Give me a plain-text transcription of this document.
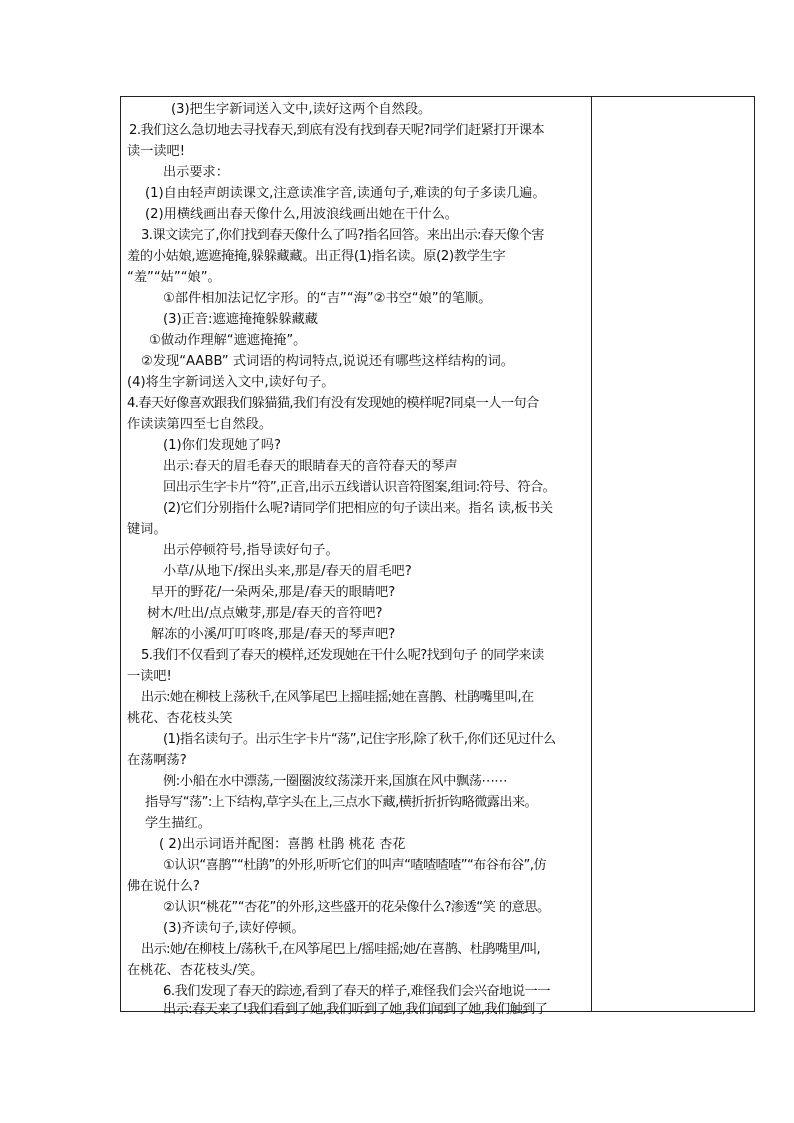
(3)把生字新词送入文中,读好这两个自然段。
2.我们这么急切地去寻找春天,到底有没有找到春天呢?同学们赶紧打开课本
读一读吧!
出示要求：
(1)自由轻声朗读课文,注意读准字音,读通句子,难读的句子多读几遍。
(2)用横线画出春天像什么,用波浪线画出她在干什么。
3.课文读完了,你们找到春天像什么了吗?指名回答。来出出示:春天像个害
羞的小姑娘,遮遮掩掩,躲躲藏藏。出正得(1)指名读。原(2)教学生字
“羞”“姑”“娘”。
①部件相加法记忆字形。的“吉”“海”②书空“娘”的笔顺。
(3)正音:遮遮掩掩躲躲藏藏
①做动作理解“遮遮掩掩”。
②发现“AABB” 式词语的构词特点,说说还有哪些这样结构的词。
(4)将生字新词送入文中,读好句子。
4.春天好像喜欢跟我们躲猫猫,我们有没有发现她的模样呢?同桌一人一句合
作读读第四至七自然段。
(1)你们发现她了吗?
出示:春天的眉毛春天的眼睛春天的音符春天的琴声
回出示生字卡片“符”,正音,出示五线谱认识音符图案,组词:符号、符合。
(2)它们分别指什么呢?请同学们把相应的句子读出来。指名 读,板书关
键词。
出示停顿符号,指导读好句子。
小草/从地下/探出头来,那是/春天的眉毛吧?
早开的野花/一朵两朵,那是/春天的眼睛吧?
树木/吐出/点点嫩芽,那是/春天的音符吧?
解冻的小溪/叮叮咚咚,那是/春天的琴声吧?
5.我们不仅看到了春天的模样,还发现她在干什么呢?找到句子 的同学来读
一读吧!
出示:她在柳枝上荡秋千,在风筝尾巴上摇哇摇;她在喜鹊、杜鹃嘴里叫,在
桃花、杏花枝头笑
(1)指名读句子。出示生字卡片“荡”,记住字形,除了秋千,你们还见过什么
在荡啊荡?
例:小船在水中漂荡,一圈圈波纹荡漾开来,国旗在风中飘荡⋯⋯
指导写“荡”:上下结构,草字头在上,三点水下藏,横折折折钩略微露出来。
学生描红。
( 2)出示词语并配图：喜鹊 杜鹃 桃花 杏花
①认识“喜鹊”“杜鹃”的外形,听听它们的叫声“喳喳喳喳”“布谷布谷”,仿
佛在说什么?
②认识“桃花”“杏花”的外形,这些盛开的花朵像什么?渗透“笑 的意思。
(3)齐读句子,读好停顿。
出示:她/在柳枝上/荡秋千,在风筝尾巴上/摇哇摇;她/在喜鹊、杜鹃嘴里/叫,
在桃花、杏花枝头/笑。
6.我们发现了春天的踪迹,看到了春天的样子,难怪我们会兴奋地说一一
出示:春天来了!我们看到了她,我们听到了她,我们闻到了她,我们触到了
